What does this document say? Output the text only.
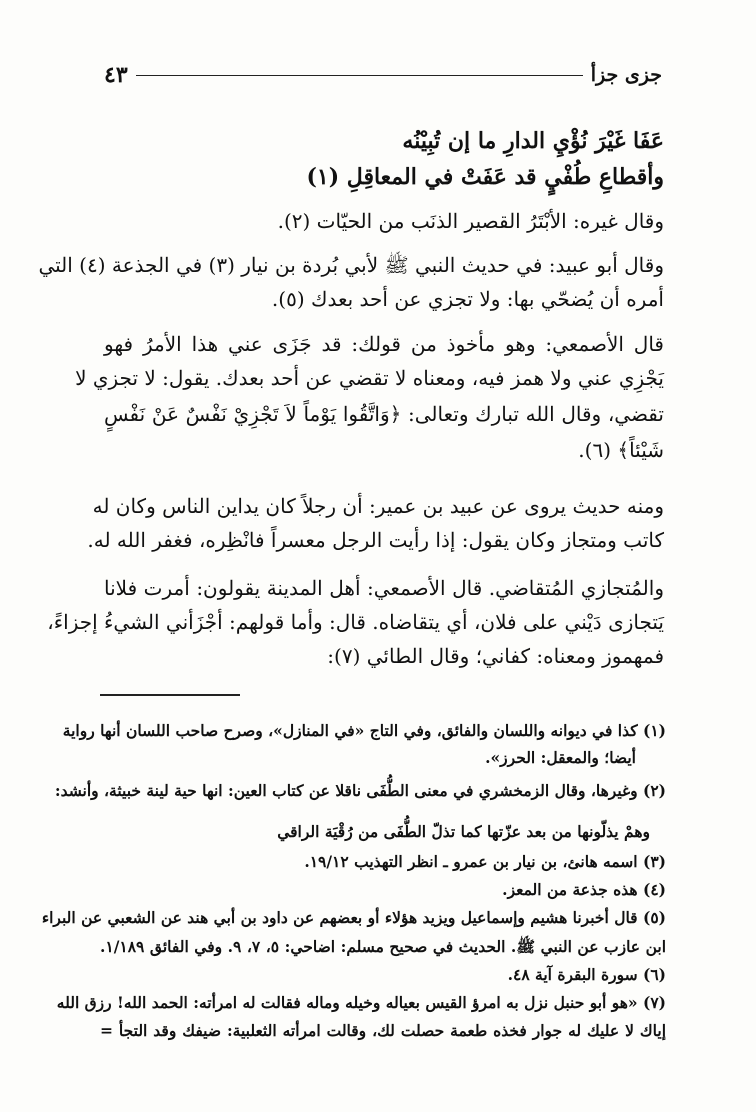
جزى جزأ
٤٣
عَفَا غَيْرَ نُؤْيِ الدارِ ما إن تُبِيْنُه
وأقطاعِ طُفْيٍ قد عَفَتْ في المعاقِلِ (١)
وقال غيره: الأبْتَرُ القصير الذنَب من الحيّات (٢).
وقال أبو عبيد: في حديث النبي ﷺ لأبي بُردة بن نيار (٣) في الجذعة (٤) التي
أمره أن يُضحّي بها: ولا تجزي عن أحد بعدك (٥).
قال الأصمعي: وهو مأخوذ من قولك: قد جَزَى عني هذا الأمرُ فهو
يَجْزِي عني ولا همز فيه، ومعناه لا تقضي عن أحد بعدك. يقول: لا تجزي لا
تقضي، وقال الله تبارك وتعالى: ﴿وَاتَّقُوا يَوْماً لاَ تَجْزِيْ نَفْسٌ عَنْ نَفْسٍ
شَيْئاً﴾ (٦).
ومنه حديث يروى عن عبيد بن عمير: أن رجلاً كان يداين الناس وكان له
كاتب ومتجاز وكان يقول: إذا رأيت الرجل معسراً فانْظِره، فغفر الله له.
والمُتجازي المُتقاضي. قال الأصمعي: أهل المدينة يقولون: أمرت فلانا
يَتجازى دَيْني على فلان، أي يتقاضاه. قال: وأما قولهم: أجْزَأني الشيءُ إجزاءً،
فمهموز ومعناه: كفاني؛ وقال الطائي (٧):
(١) كذا في ديوانه واللسان والفائق، وفي التاج «في المنازل»، وصرح صاحب اللسان أنها رواية
أيضا؛ والمعقل: الحرز».
(٢) وغيرها، وقال الزمخشري في معنى الطُّفَى ناقلا عن كتاب العين: انها حية لينة خبيثة، وأنشد:
وهمْ يذلّونها من بعد عزّتها كما تذلّ الطُّفَى من رُقْيَة الراقي
(٣) اسمه هانئ، بن نيار بن عمرو ـ انظر التهذيب ١٩/١٢.
(٤) هذه جذعة من المعز.
(٥) قال أخبرنا هشيم وإسماعيل ويزيد هؤلاء أو بعضهم عن داود بن أبي هند عن الشعبي عن البراء
ابن عازب عن النبي ﷺ. الحديث في صحيح مسلم: اضاحي: ٥، ٧، ٩. وفي الفائق ١/١٨٩.
(٦) سورة البقرة آية ٤٨.
(٧) «هو أبو حنبل نزل به امرؤ القيس بعياله وخيله وماله فقالت له امرأته: الحمد الله! رزق الله
إياك لا عليك له جوار فخذه طعمة حصلت لك، وقالت امرأته الثعلبية: ضيفك وقد التجأ =
